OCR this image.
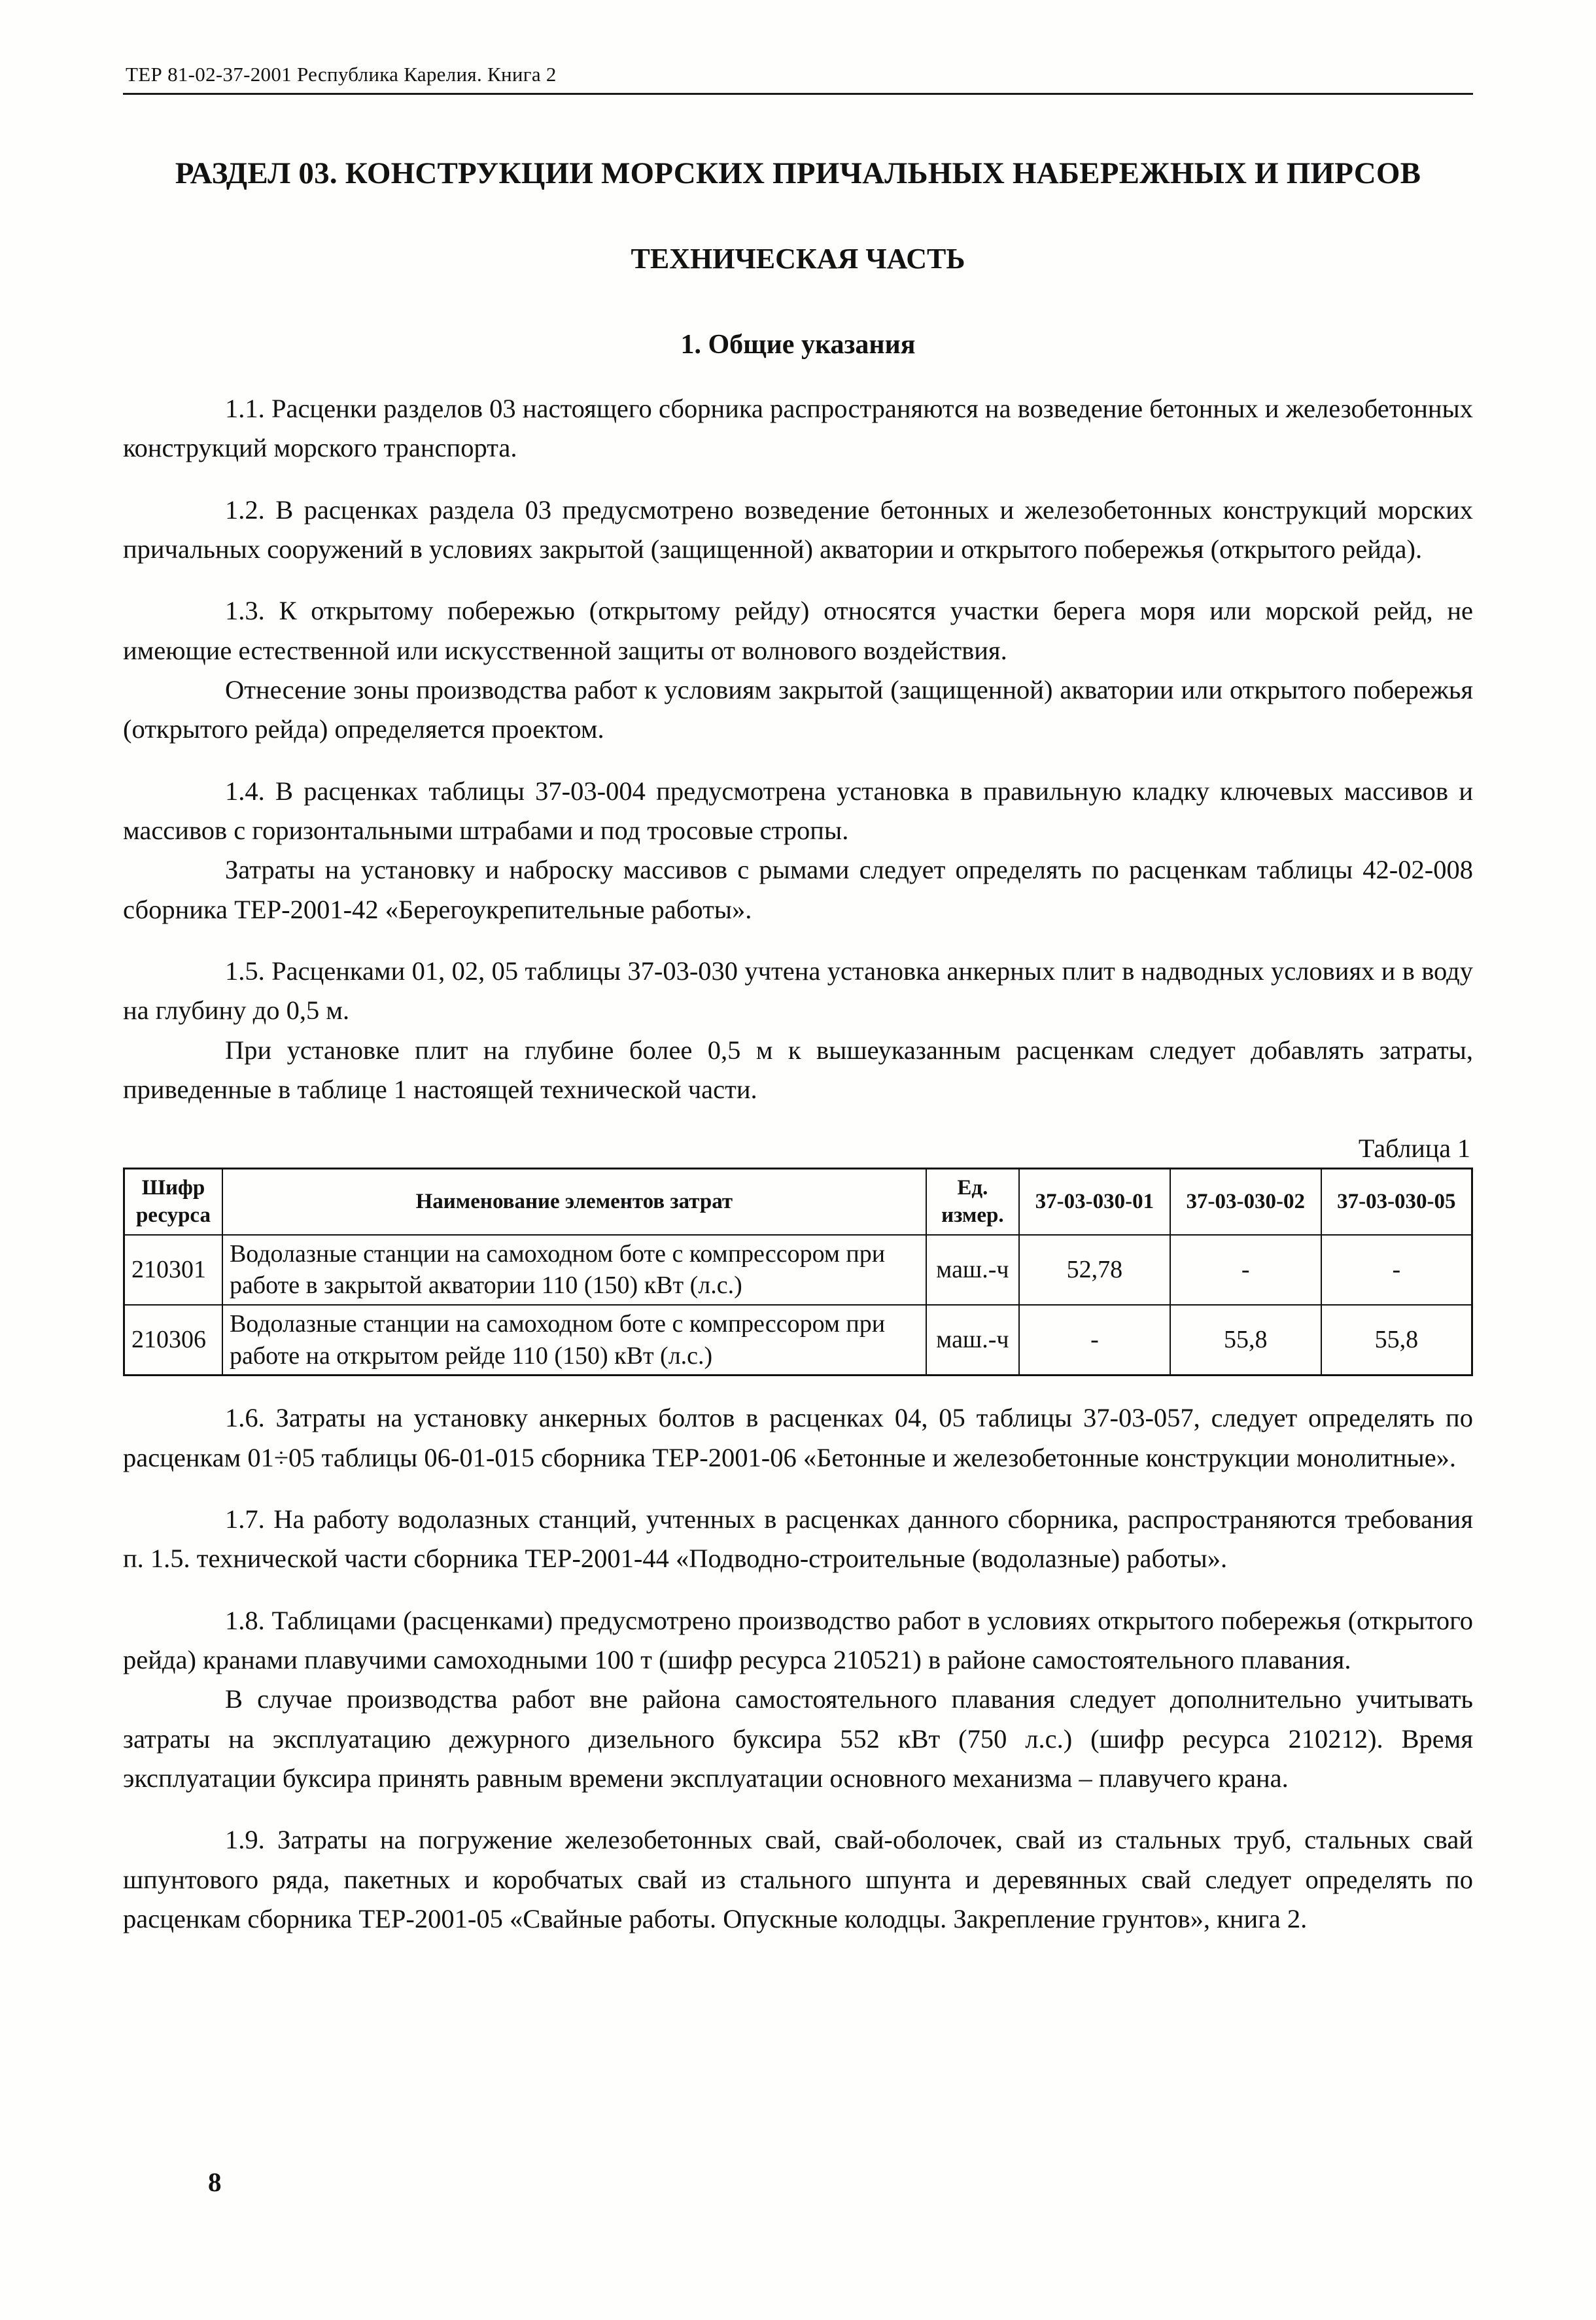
ТЕР 81-02-37-2001 Республика Карелия. Книга 2
РАЗДЕЛ 03. КОНСТРУКЦИИ МОРСКИХ ПРИЧАЛЬНЫХ НАБЕРЕЖНЫХ И ПИРСОВ
ТЕХНИЧЕСКАЯ ЧАСТЬ
1. Общие указания

1.1. Расценки разделов 03 настоящего сборника распространяются на возведение бетонных и железобетонных конструкций морского транспорта.

1.2. В расценках раздела 03 предусмотрено возведение бетонных и железобетонных конструкций морских причальных сооружений в условиях закрытой (защищенной) акватории и открытого побережья (открытого рейда).

1.3. К открытому побережью (открытому рейду) относятся участки берега моря или морской рейд, не имеющие естественной или искусственной защиты от волнового воздействия.

Отнесение зоны производства работ к условиям закрытой (защищенной) акватории или открытого побережья (открытого рейда) определяется проектом.

1.4. В расценках таблицы 37-03-004 предусмотрена установка в правильную кладку ключевых массивов и массивов с горизонтальными штрабами и под тросовые стропы.

Затраты на установку и наброску массивов с рымами следует определять по расценкам таблицы 42-02-008 сборника ТЕР-2001-42 «Берегоукрепительные работы».

1.5. Расценками 01, 02, 05 таблицы 37-03-030 учтена установка анкерных плит в надводных условиях и в воду на глубину до 0,5 м.

При установке плит на глубине более 0,5 м к вышеуказанным расценкам следует добавлять затраты, приведенные в таблице 1 настоящей технической части.

Таблица 1
Шифр ресурса	Наименование элементов затрат	Ед. измер.	37-03-030-01	37-03-030-02	37-03-030-05
210301	Водолазные станции на самоходном боте с компрессором при работе в закрытой акватории 110 (150) кВт (л.с.)	маш.-ч	52,78	-	-
210306	Водолазные станции на самоходном боте с компрессором при работе на открытом рейде 110 (150) кВт (л.с.)	маш.-ч	-	55,8	55,8

1.6. Затраты на установку анкерных болтов в расценках 04, 05 таблицы 37-03-057, следует определять по расценкам 01÷05 таблицы 06-01-015 сборника ТЕР-2001-06 «Бетонные и железобетонные конструкции монолитные».

1.7. На работу водолазных станций, учтенных в расценках данного сборника, распространяются требования п. 1.5. технической части сборника ТЕР-2001-44 «Подводно-строительные (водолазные) работы».

1.8. Таблицами (расценками) предусмотрено производство работ в условиях открытого побережья (открытого рейда) кранами плавучими самоходными 100 т (шифр ресурса 210521) в районе самостоятельного плавания.

В случае производства работ вне района самостоятельного плавания следует дополнительно учитывать затраты на эксплуатацию дежурного дизельного буксира 552 кВт (750 л.с.) (шифр ресурса 210212). Время эксплуатации буксира принять равным времени эксплуатации основного механизма – плавучего крана.

1.9. Затраты на погружение железобетонных свай, свай-оболочек, свай из стальных труб, стальных свай шпунтового ряда, пакетных и коробчатых свай из стального шпунта и деревянных свай следует определять по расценкам сборника ТЕР-2001-05 «Свайные работы. Опускные колодцы. Закрепление грунтов», книга 2.

8
